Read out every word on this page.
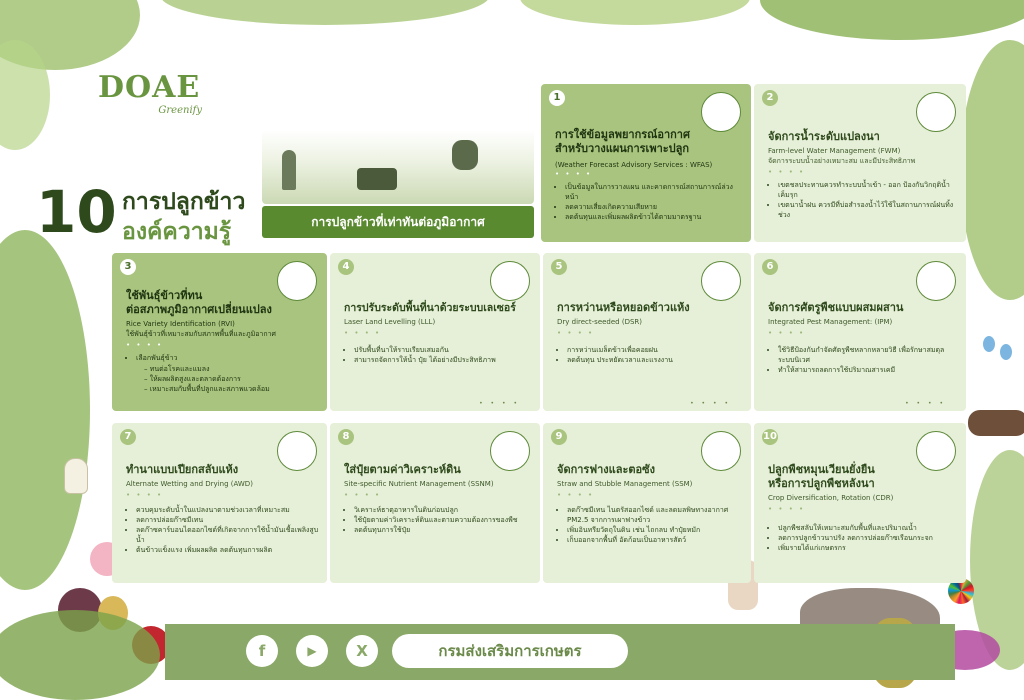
DOAE
Greenify
10 การปลูกข้าว
องค์ความรู้	การปลูกข้าวที่เท่าทันต่อภูมิอากาศ
1
การใช้ข้อมูลพยากรณ์อากาศ
สำหรับวางแผนการเพาะปลูก
(Weather Forecast Advisory Services : WFAS)
• • • •
• เป็นข้อมูลในการวางแผน และคาดการณ์สถานการณ์ล่วงหน้า
• ลดความเสี่ยงเกิดความเสียหาย
• ลดต้นทุนและเพิ่มผลผลิตข้าวได้ตามมาตรฐาน
2
จัดการน้ำระดับแปลงนา
Farm-level Water Management (FWM)
จัดการระบบน้ำอย่างเหมาะสม และมีประสิทธิภาพ
• • • •
• เขตชลประทานควรทำระบบน้ำเข้า - ออก ป้องกันวิกฤติน้ำเค็มรุก
• เขตนาน้ำฝน ควรมีที่บ่อสำรองน้ำไว้ใช้ในสถานการณ์ฝนทิ้งช่วง
3
ใช้พันธุ์ข้าวที่ทน
ต่อสภาพภูมิอากาศเปลี่ยนแปลง
Rice Variety Identification (RVI)
ใช้พันธุ์ข้าวที่เหมาะสมกับสภาพพื้นที่และภูมิอากาศ
• • • •
• เลือกพันธุ์ข้าว
– ทนต่อโรคและแมลง
– ให้ผลผลิตสูงและตลาดต้องการ
– เหมาะสมกับพื้นที่ปลูกและสภาพแวดล้อม
4
การปรับระดับพื้นที่นาด้วยระบบเลเซอร์
Laser Land Levelling (LLL)
• • • •
• ปรับพื้นที่นาให้ราบเรียบเสมอกัน
• สามารถจัดการให้น้ำ ปุ๋ย ได้อย่างมีประสิทธิภาพ
• • • •
5
การหว่านหรือหยอดข้าวแห้ง
Dry direct-seeded (DSR)
• • • •
• การหว่านเมล็ดข้าวเพื่อคอยฝน
• ลดต้นทุน ประหยัดเวลาและแรงงาน
• • • •
6
จัดการศัตรูพืชแบบผสมผสาน
Integrated Pest Management: (IPM)
• • • •
• ใช้วิธีป้องกันกำจัดศัตรูพืชหลากหลายวิธี เพื่อรักษาสมดุลระบบนิเวศ
• ทำให้สามารถลดการใช้ปริมาณสารเคมี
• • • •
7
ทำนาแบบเปียกสลับแห้ง
Alternate Wetting and Drying (AWD)
• • • •
• ควบคุมระดับน้ำในแปลงนาตามช่วงเวลาที่เหมาะสม
• ลดการปล่อยก๊าซมีเทน
• ลดก๊าซคาร์บอนไดออกไซด์ที่เกิดจากการใช้น้ำมันเชื้อเพลิงสูบน้ำ
• ต้นข้าวแข็งแรง เพิ่มผลผลิต ลดต้นทุนการผลิต
8
ใส่ปุ๋ยตามค่าวิเคราะห์ดิน
Site-specific Nutrient Management (SSNM)
• • • •
• วิเคราะห์ธาตุอาหารในดินก่อนปลูก
• ใช้ปุ๋ยตามค่าวิเคราะห์ดินและตามความต้องการของพืช
• ลดต้นทุนการใช้ปุ๋ย
9
จัดการฟางและตอซัง
Straw and Stubble Management (SSM)
• • • •
• ลดก๊าซมีเทน ไนตรัสออกไซด์ และลดมลพิษทางอากาศ PM2.5 จากการเผาฟางข้าว
• เพิ่มอินทรียวัตถุในดิน เช่น ไถกลบ ทำปุ๋ยหมัก
• เก็บออกจากพื้นที่ อัดก้อนเป็นอาหารสัตว์
10
ปลูกพืชหมุนเวียนยั่งยืน
หรือการปลูกพืชหลังนา
Crop Diversification, Rotation (CDR)
• • • •
• ปลูกพืชสลับให้เหมาะสมกับพื้นที่และปริมาณน้ำ
• ลดการปลูกข้าวนาปรัง ลดการปล่อยก๊าซเรือนกระจก
• เพิ่มรายได้แก่เกษตรกร
f	▶	X	กรมส่งเสริมการเกษตร
